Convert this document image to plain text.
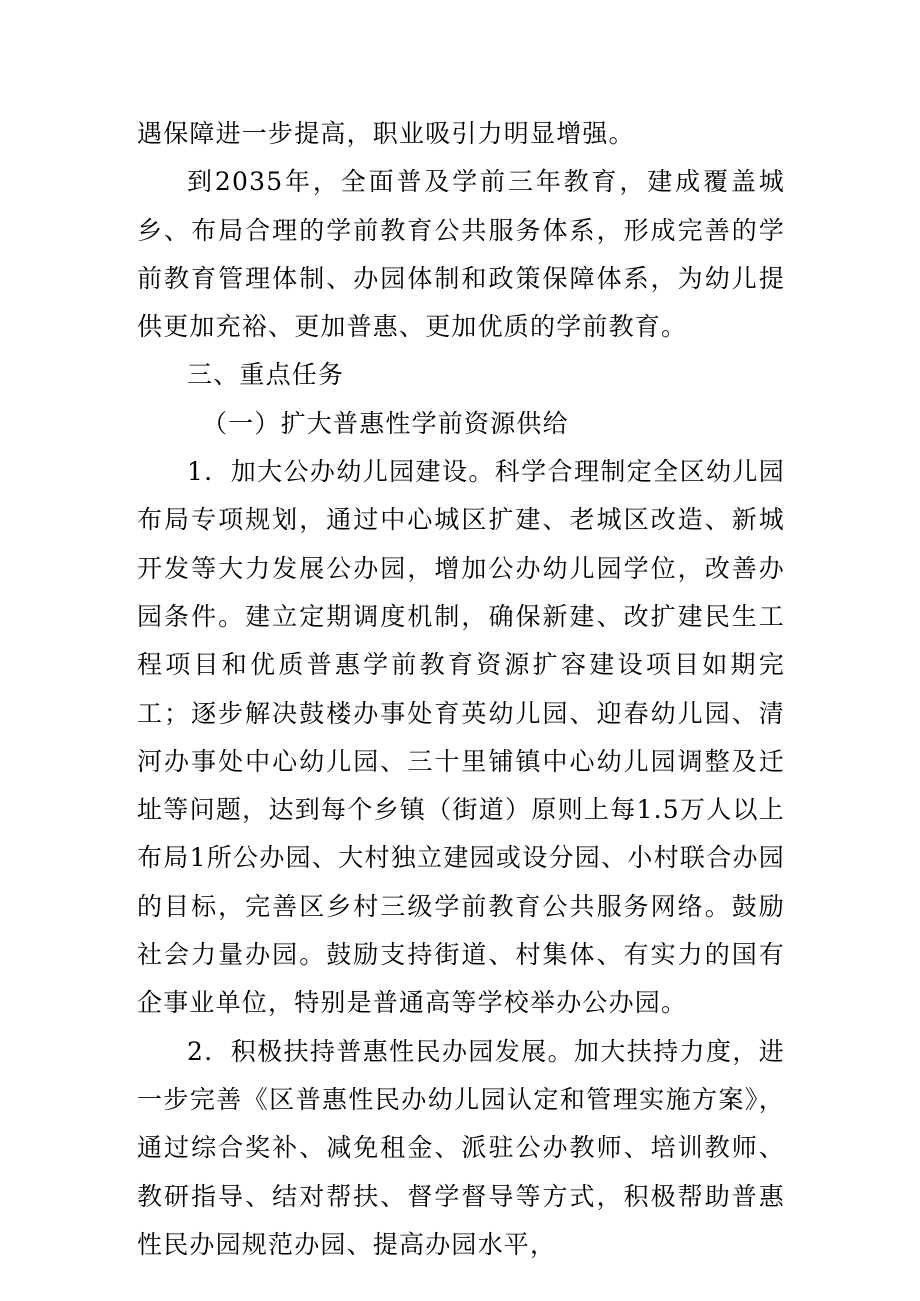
遇保障进一步提高，职业吸引力明显增强。

到2035年，全面普及学前三年教育，建成覆盖城乡、布局合理的学前教育公共服务体系，形成完善的学前教育管理体制、办园体制和政策保障体系，为幼儿提供更加充裕、更加普惠、更加优质的学前教育。

三、重点任务

（一）扩大普惠性学前资源供给

1．加大公办幼儿园建设。科学合理制定全区幼儿园布局专项规划，通过中心城区扩建、老城区改造、新城开发等大力发展公办园，增加公办幼儿园学位，改善办园条件。建立定期调度机制，确保新建、改扩建民生工程项目和优质普惠学前教育资源扩容建设项目如期完工；逐步解决鼓楼办事处育英幼儿园、迎春幼儿园、清河办事处中心幼儿园、三十里铺镇中心幼儿园调整及迁址等问题，达到每个乡镇（街道）原则上每1.5万人以上布局1所公办园、大村独立建园或设分园、小村联合办园的目标，完善区乡村三级学前教育公共服务网络。鼓励社会力量办园。鼓励支持街道、村集体、有实力的国有企事业单位，特别是普通高等学校举办公办园。

2．积极扶持普惠性民办园发展。加大扶持力度，进一步完善《区普惠性民办幼儿园认定和管理实施方案》，通过综合奖补、减免租金、派驻公办教师、培训教师、教研指导、结对帮扶、督学督导等方式，积极帮助普惠性民办园规范办园、提高办园水平，
